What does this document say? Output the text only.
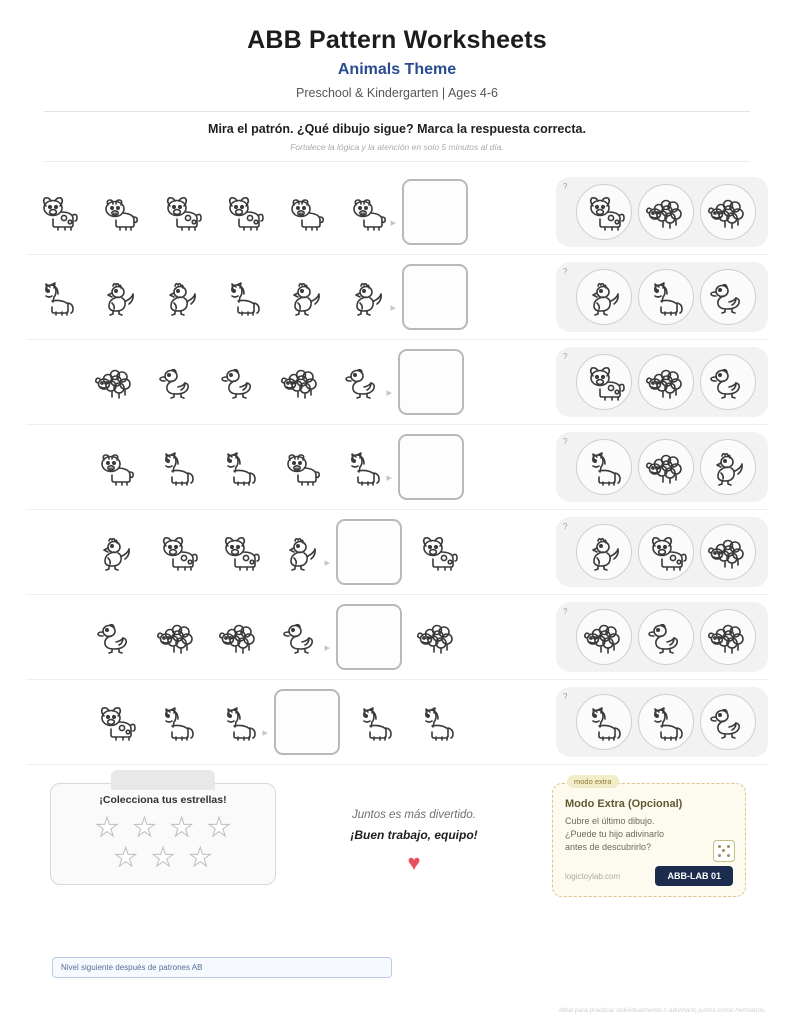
ABB Pattern Worksheets
Animals Theme
Preschool & Kindergarten | Ages 4-6
Mira el patrón. ¿Qué dibujo sigue? Marca la respuesta correcta.
Fortalece la lógica y la atención en solo 5 minutos al día.
▸
?
▸
?
▸
?
▸
?
▸
?
▸
?
▸
?
¡Colecciona tus estrellas!
★ ★ ★ ★
★ ★ ★
Juntos es más divertido.
¡Buen trabajo, equipo!
♥
modo extra
Modo Extra (Opcional)
Cubre el último dibujo.
¿Puede tu hijo adivinarlo
antes de descubrirlo?
logictoylab.com	ABB-LAB 01
Nivel siguiente después de patrones AB
Ideal para practicar individualmente o adivinarlo juntos como hermanos.
